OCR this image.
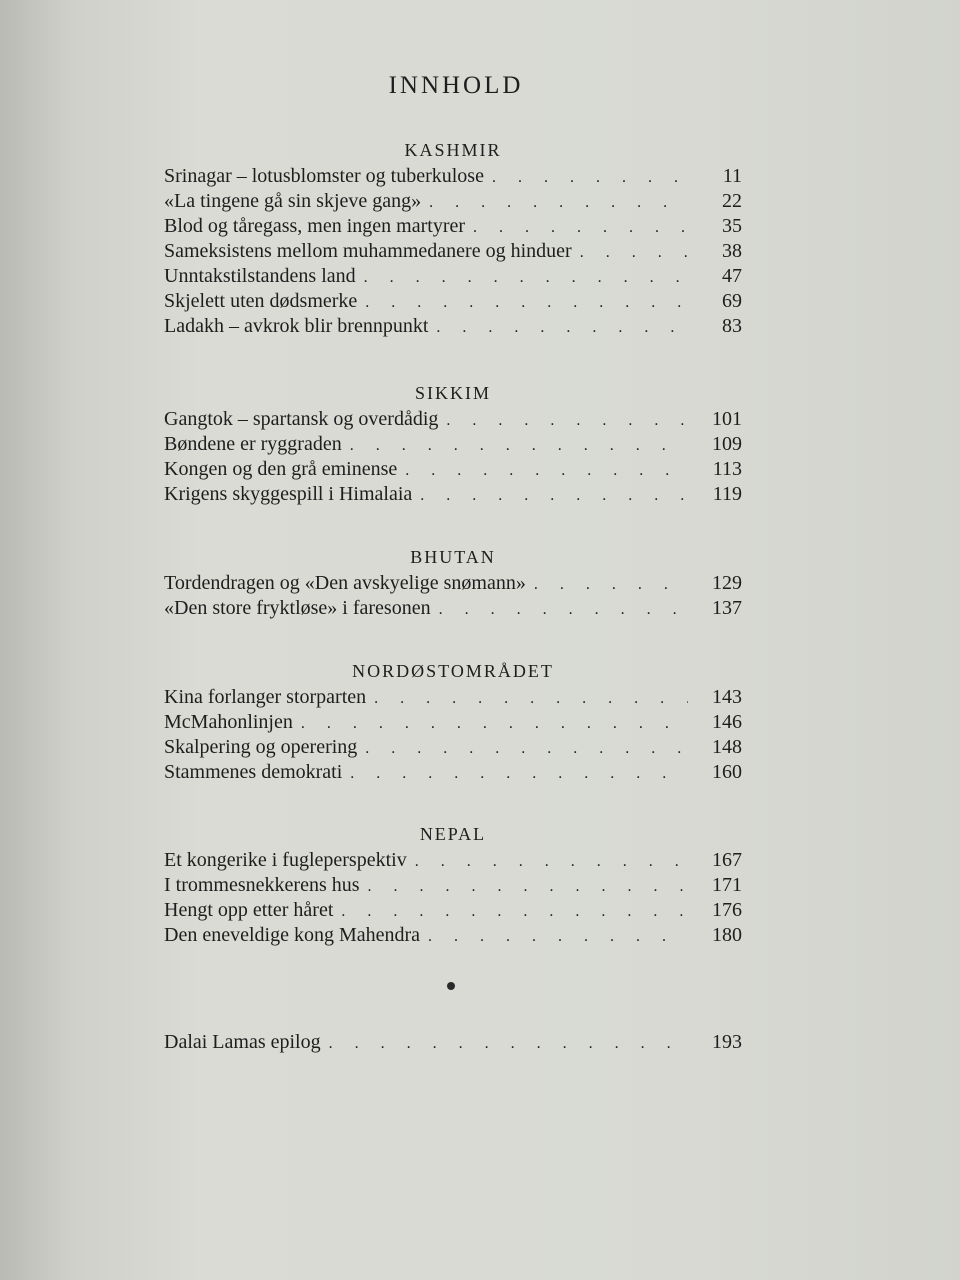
INNHOLD
KASHMIR
Srinagar – lotusblomster og tuberkulose . . .	11
«La tingene gå sin skjeve gang» . . .	22
Blod og tåregass, men ingen martyrer . . .	35
Sameksistens mellom muhammedanere og hinduer . . .	38
Unntakstilstandens land . . .	47
Skjelett uten dødsmerke . . .	69
Ladakh – avkrok blir brennpunkt . . .	83
SIKKIM
Gangtok – spartansk og overdådig . . .	101
Bøndene er ryggraden . . .	109
Kongen og den grå eminense . . .	113
Krigens skyggespill i Himalaia . . .	119
BHUTAN
Tordendragen og «Den avskyelige snømann» . . .	129
«Den store fryktløse» i faresonen . . .	137
NORDØSTOMRÅDET
Kina forlanger storparten . . .	143
McMahonlinjen . . .	146
Skalpering og operering . . .	148
Stammenes demokrati . . .	160
NEPAL
Et kongerike i fugleperspektiv . . .	167
I trommesnekkerens hus . . .	171
Hengt opp etter håret . . .	176
Den eneveldige kong Mahendra . . .	180
Dalai Lamas epilog . . .	193
